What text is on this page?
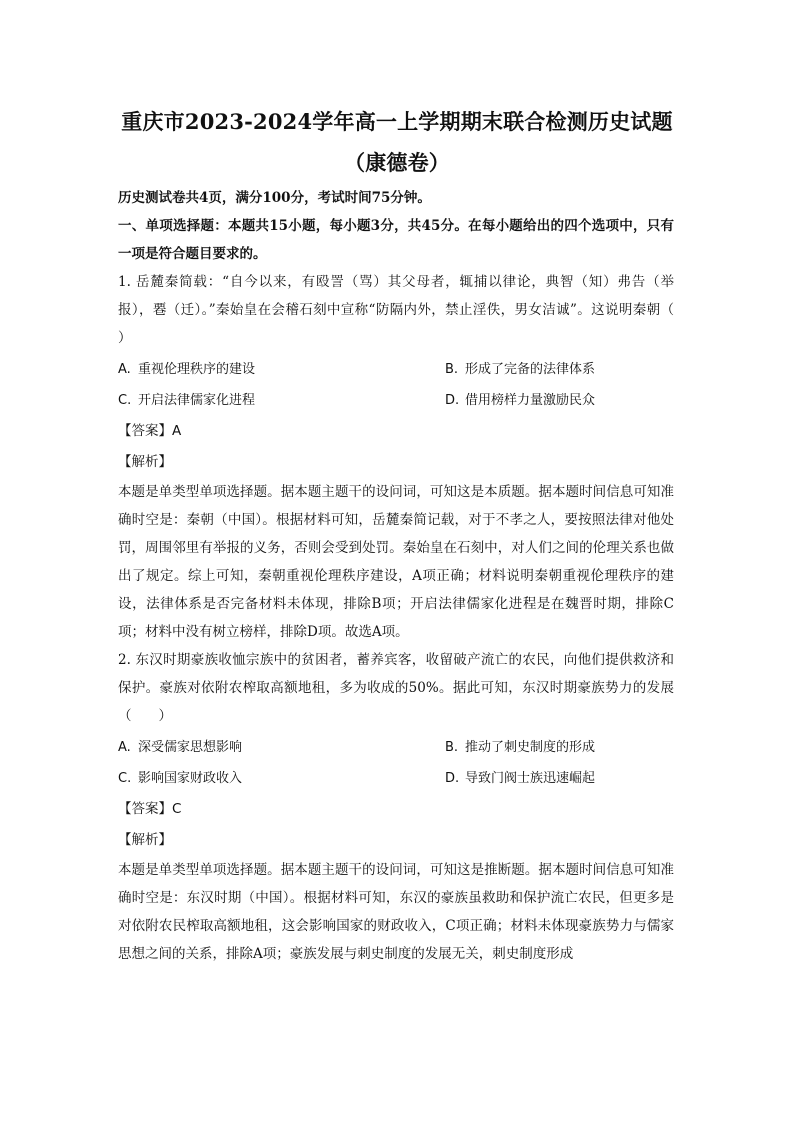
重庆市2023-2024学年高一上学期期末联合检测历史试题
（康德卷）

历史测试卷共4页，满分100分，考试时间75分钟。

一、单项选择题：本题共15小题，每小题3分，共45分。在每小题给出的四个选项中，只有一项是符合题目要求的。

1. 岳麓秦简载：“自今以来，有殴詈（骂）其父母者，辄捕以律论，典智（知）弗告（举报），䙴（迁）。”秦始皇在会稽石刻中宣称“防隔内外，禁止淫佚，男女洁诚”。这说明秦朝（　　）

A. 重视伦理秩序的建设	B. 形成了完备的法律体系
C. 开启法律儒家化进程	D. 借用榜样力量激励民众

【答案】A

【解析】

本题是单类型单项选择题。据本题主题干的设问词，可知这是本质题。据本题时间信息可知准确时空是：秦朝（中国）。根据材料可知，岳麓秦简记载，对于不孝之人，要按照法律对他处罚，周围邻里有举报的义务，否则会受到处罚。秦始皇在石刻中，对人们之间的伦理关系也做出了规定。综上可知，秦朝重视伦理秩序建设，A项正确；材料说明秦朝重视伦理秩序的建设，法律体系是否完备材料未体现，排除B项；开启法律儒家化进程是在魏晋时期，排除C项；材料中没有树立榜样，排除D项。故选A项。

2. 东汉时期豪族收恤宗族中的贫困者，蓄养宾客，收留破产流亡的农民，向他们提供救济和保护。豪族对依附农榨取高额地租，多为收成的50%。据此可知，东汉时期豪族势力的发展（　　）

A. 深受儒家思想影响	B. 推动了刺史制度的形成
C. 影响国家财政收入	D. 导致门阀士族迅速崛起

【答案】C

【解析】

本题是单类型单项选择题。据本题主题干的设问词，可知这是推断题。据本题时间信息可知准确时空是：东汉时期（中国）。根据材料可知，东汉的豪族虽救助和保护流亡农民，但更多是对依附农民榨取高额地租，这会影响国家的财政收入，C项正确；材料未体现豪族势力与儒家思想之间的关系，排除A项；豪族发展与刺史制度的发展无关，刺史制度形成
